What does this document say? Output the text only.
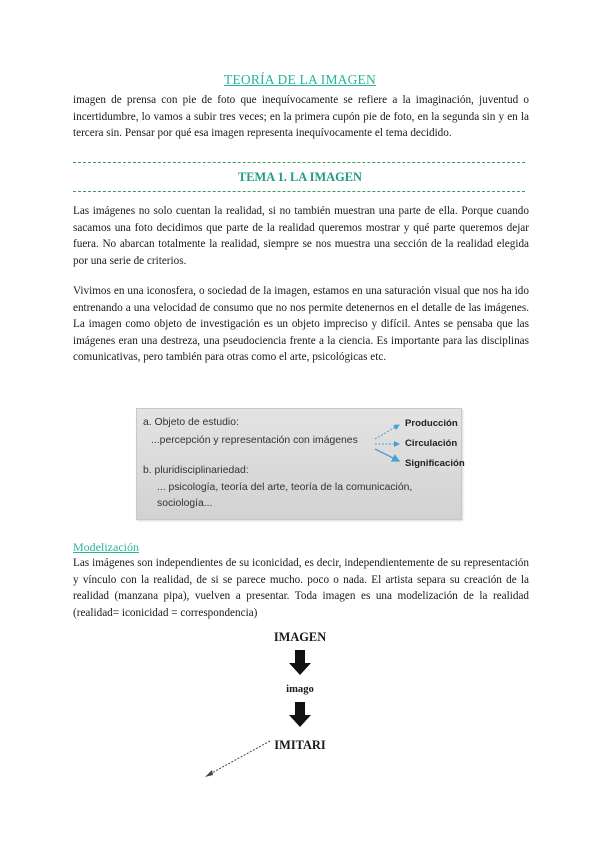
TEORÍA DE LA IMAGEN

imagen de prensa con pie de foto que inequívocamente se refiere a la imaginación, juventud o incertidumbre, lo vamos a subir tres veces; en la primera cupón pie de foto, en la segunda sin y en la tercera sin. Pensar por qué esa imagen representa inequívocamente el tema decidido.

TEMA 1. LA IMAGEN

Las imágenes no solo cuentan la realidad, si no también muestran una parte de ella. Porque cuando sacamos una foto decidimos que parte de la realidad queremos mostrar y qué parte queremos dejar fuera. No abarcan totalmente la realidad, siempre se nos muestra una sección de la realidad elegida por una serie de criterios.

Vivimos en una iconosfera, o sociedad de la imagen, estamos en una saturación visual que nos ha ido entrenando a una velocidad de consumo que no nos permite detenernos en el detalle de las imágenes. La imagen como objeto de investigación es un objeto impreciso y difícil. Antes se pensaba que las imágenes eran una destreza, una pseudociencia frente a la ciencia. Es importante para las disciplinas comunicativas, pero también para otras como el arte, psicológicas etc.

a. Objeto de estudio:
...percepción y representación con imágenes
b. pluridisciplinariedad:
... psicología, teoría del arte, teoría de la comunicación,
sociología...
Producción
Circulación
Significación
Modelización

Las imágenes son independientes de su iconicidad, es decir, independientemente de su representación y vínculo con la realidad, de si se parece mucho. poco o nada. El artista separa su creación de la realidad (manzana pipa), vuelven a presentar. Toda imagen es una modelización de la realidad (realidad= iconicidad = correspondencia)

IMAGEN
imago
IMITARI
